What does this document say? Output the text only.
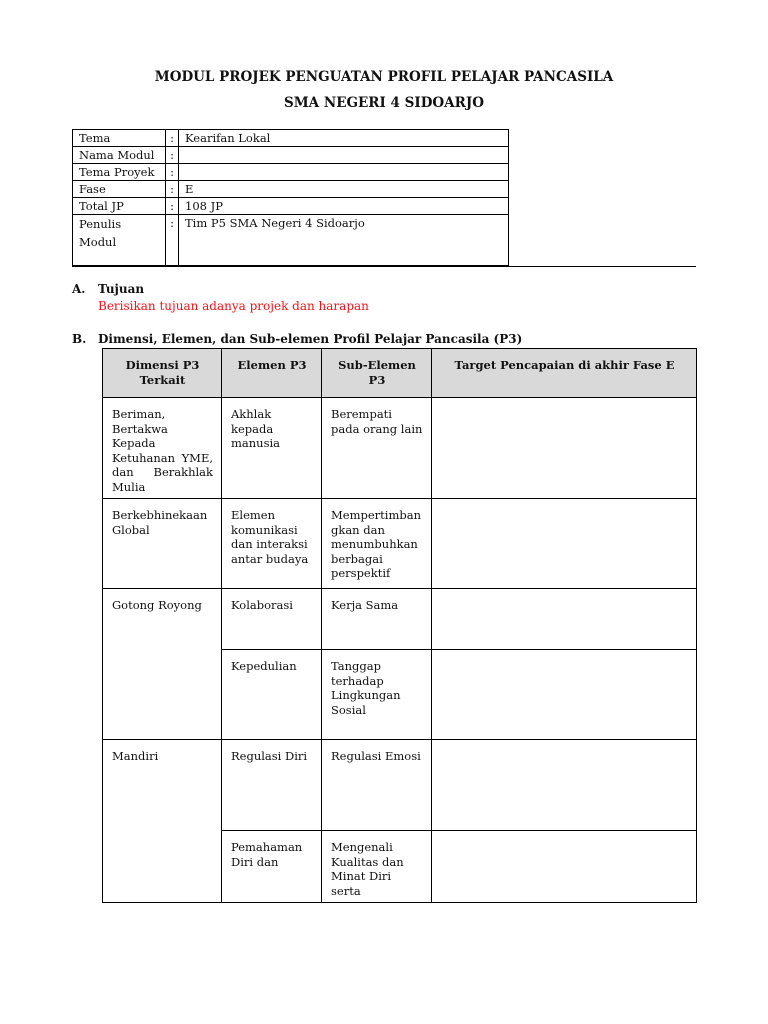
MODUL PROJEK PENGUATAN PROFIL PELAJAR PANCASILA
SMA NEGERI 4 SIDOARJO
Tema	:	Kearifan Lokal
Nama Modul	:	
Tema Proyek	:	
Fase	:	E
Total JP	:	108 JP
Penulis
Modul	:	Tim P5 SMA Negeri 4 Sidoarjo
A. Tujuan
Berisikan tujuan adanya projek dan harapan
B. Dimensi, Elemen, dan Sub-elemen Profil Pelajar Pancasila (P3)
Dimensi P3 Terkait	Elemen P3	Sub-Elemen P3	Target Pencapaian di akhir Fase E
Beriman, Bertakwa Kepada Ketuhanan YME, dan Berakhlak Mulia	Akhlak kepada manusia	Berempati pada orang lain	
Berkebhinekaan Global	Elemen komunikasi dan interaksi antar budaya	Mempertimbangkan dan menumbuhkan berbagai perspektif	
Gotong Royong	Kolaborasi	Kerja Sama	
	Kepedulian	Tanggap terhadap Lingkungan Sosial	
Mandiri	Regulasi Diri	Regulasi Emosi	
	Pemahaman Diri dan	Mengenali Kualitas dan Minat Diri serta	
